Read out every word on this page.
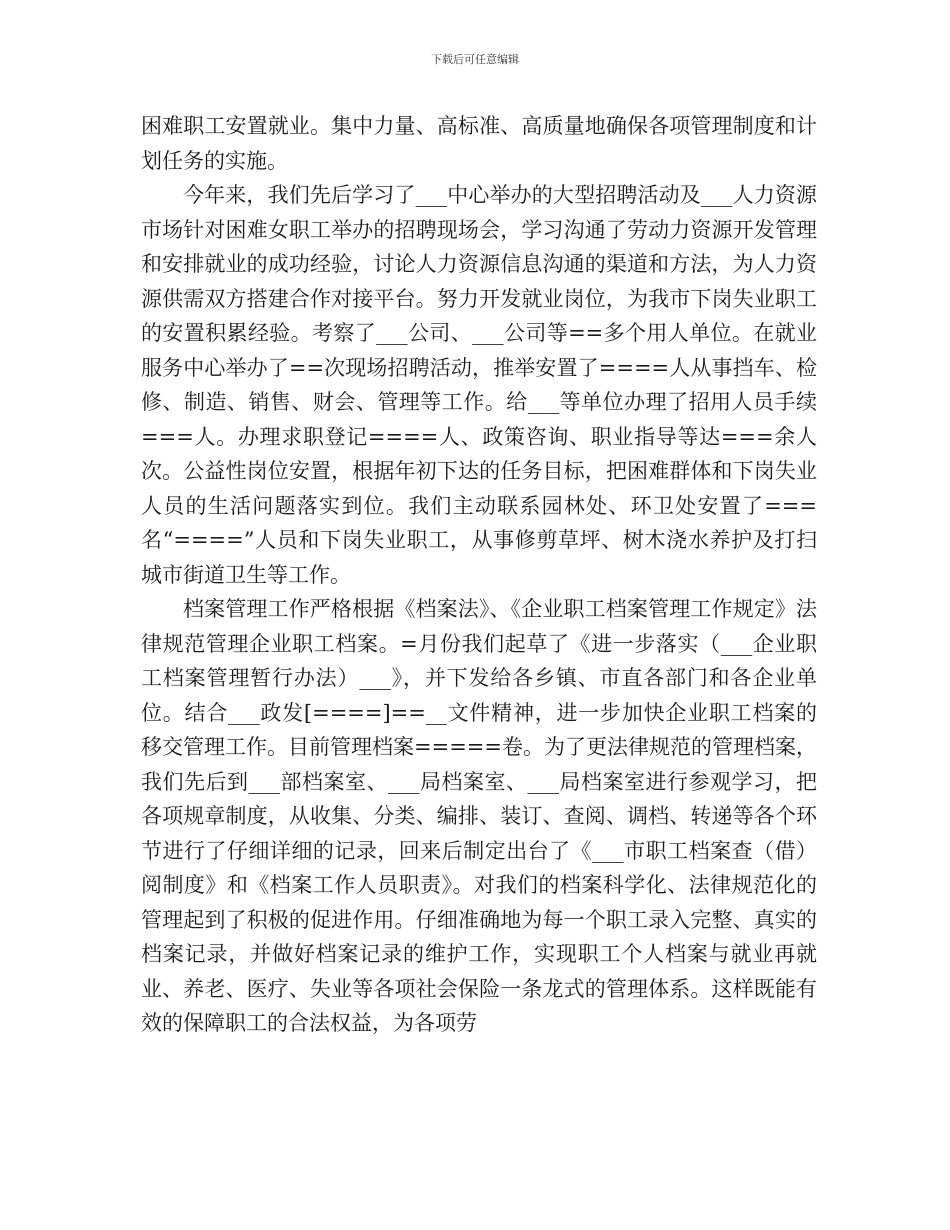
下载后可任意编辑

困难职工安置就业。集中力量、高标准、高质量地确保各项管理制度和计划任务的实施。

今年来，我们先后学习了___中心举办的大型招聘活动及___人力资源市场针对困难女职工举办的招聘现场会，学习沟通了劳动力资源开发管理和安排就业的成功经验，讨论人力资源信息沟通的渠道和方法，为人力资源供需双方搭建合作对接平台。努力开发就业岗位，为我市下岗失业职工的安置积累经验。考察了___公司、___公司等==多个用人单位。在就业服务中心举办了==次现场招聘活动，推举安置了====人从事挡车、检修、制造、销售、财会、管理等工作。给___等单位办理了招用人员手续===人。办理求职登记====人、政策咨询、职业指导等达===余人次。公益性岗位安置，根据年初下达的任务目标，把困难群体和下岗失业人员的生活问题落实到位。我们主动联系园林处、环卫处安置了===名“====”人员和下岗失业职工，从事修剪草坪、树木浇水养护及打扫城市街道卫生等工作。

档案管理工作严格根据《档案法》、《企业职工档案管理工作规定》法律规范管理企业职工档案。=月份我们起草了《进一步落实（___企业职工档案管理暂行办法）___》，并下发给各乡镇、市直各部门和各企业单位。结合___政发[====]==__文件精神，进一步加快企业职工档案的移交管理工作。目前管理档案=====卷。为了更法律规范的管理档案，我们先后到___部档案室、___局档案室、___局档案室进行参观学习，把各项规章制度，从收集、分类、编排、装订、查阅、调档、转递等各个环节进行了仔细详细的记录，回来后制定出台了《___市职工档案查（借）阅制度》和《档案工作人员职责》。对我们的档案科学化、法律规范化的管理起到了积极的促进作用。仔细准确地为每一个职工录入完整、真实的档案记录，并做好档案记录的维护工作，实现职工个人档案与就业再就业、养老、医疗、失业等各项社会保险一条龙式的管理体系。这样既能有效的保障职工的合法权益，为各项劳
